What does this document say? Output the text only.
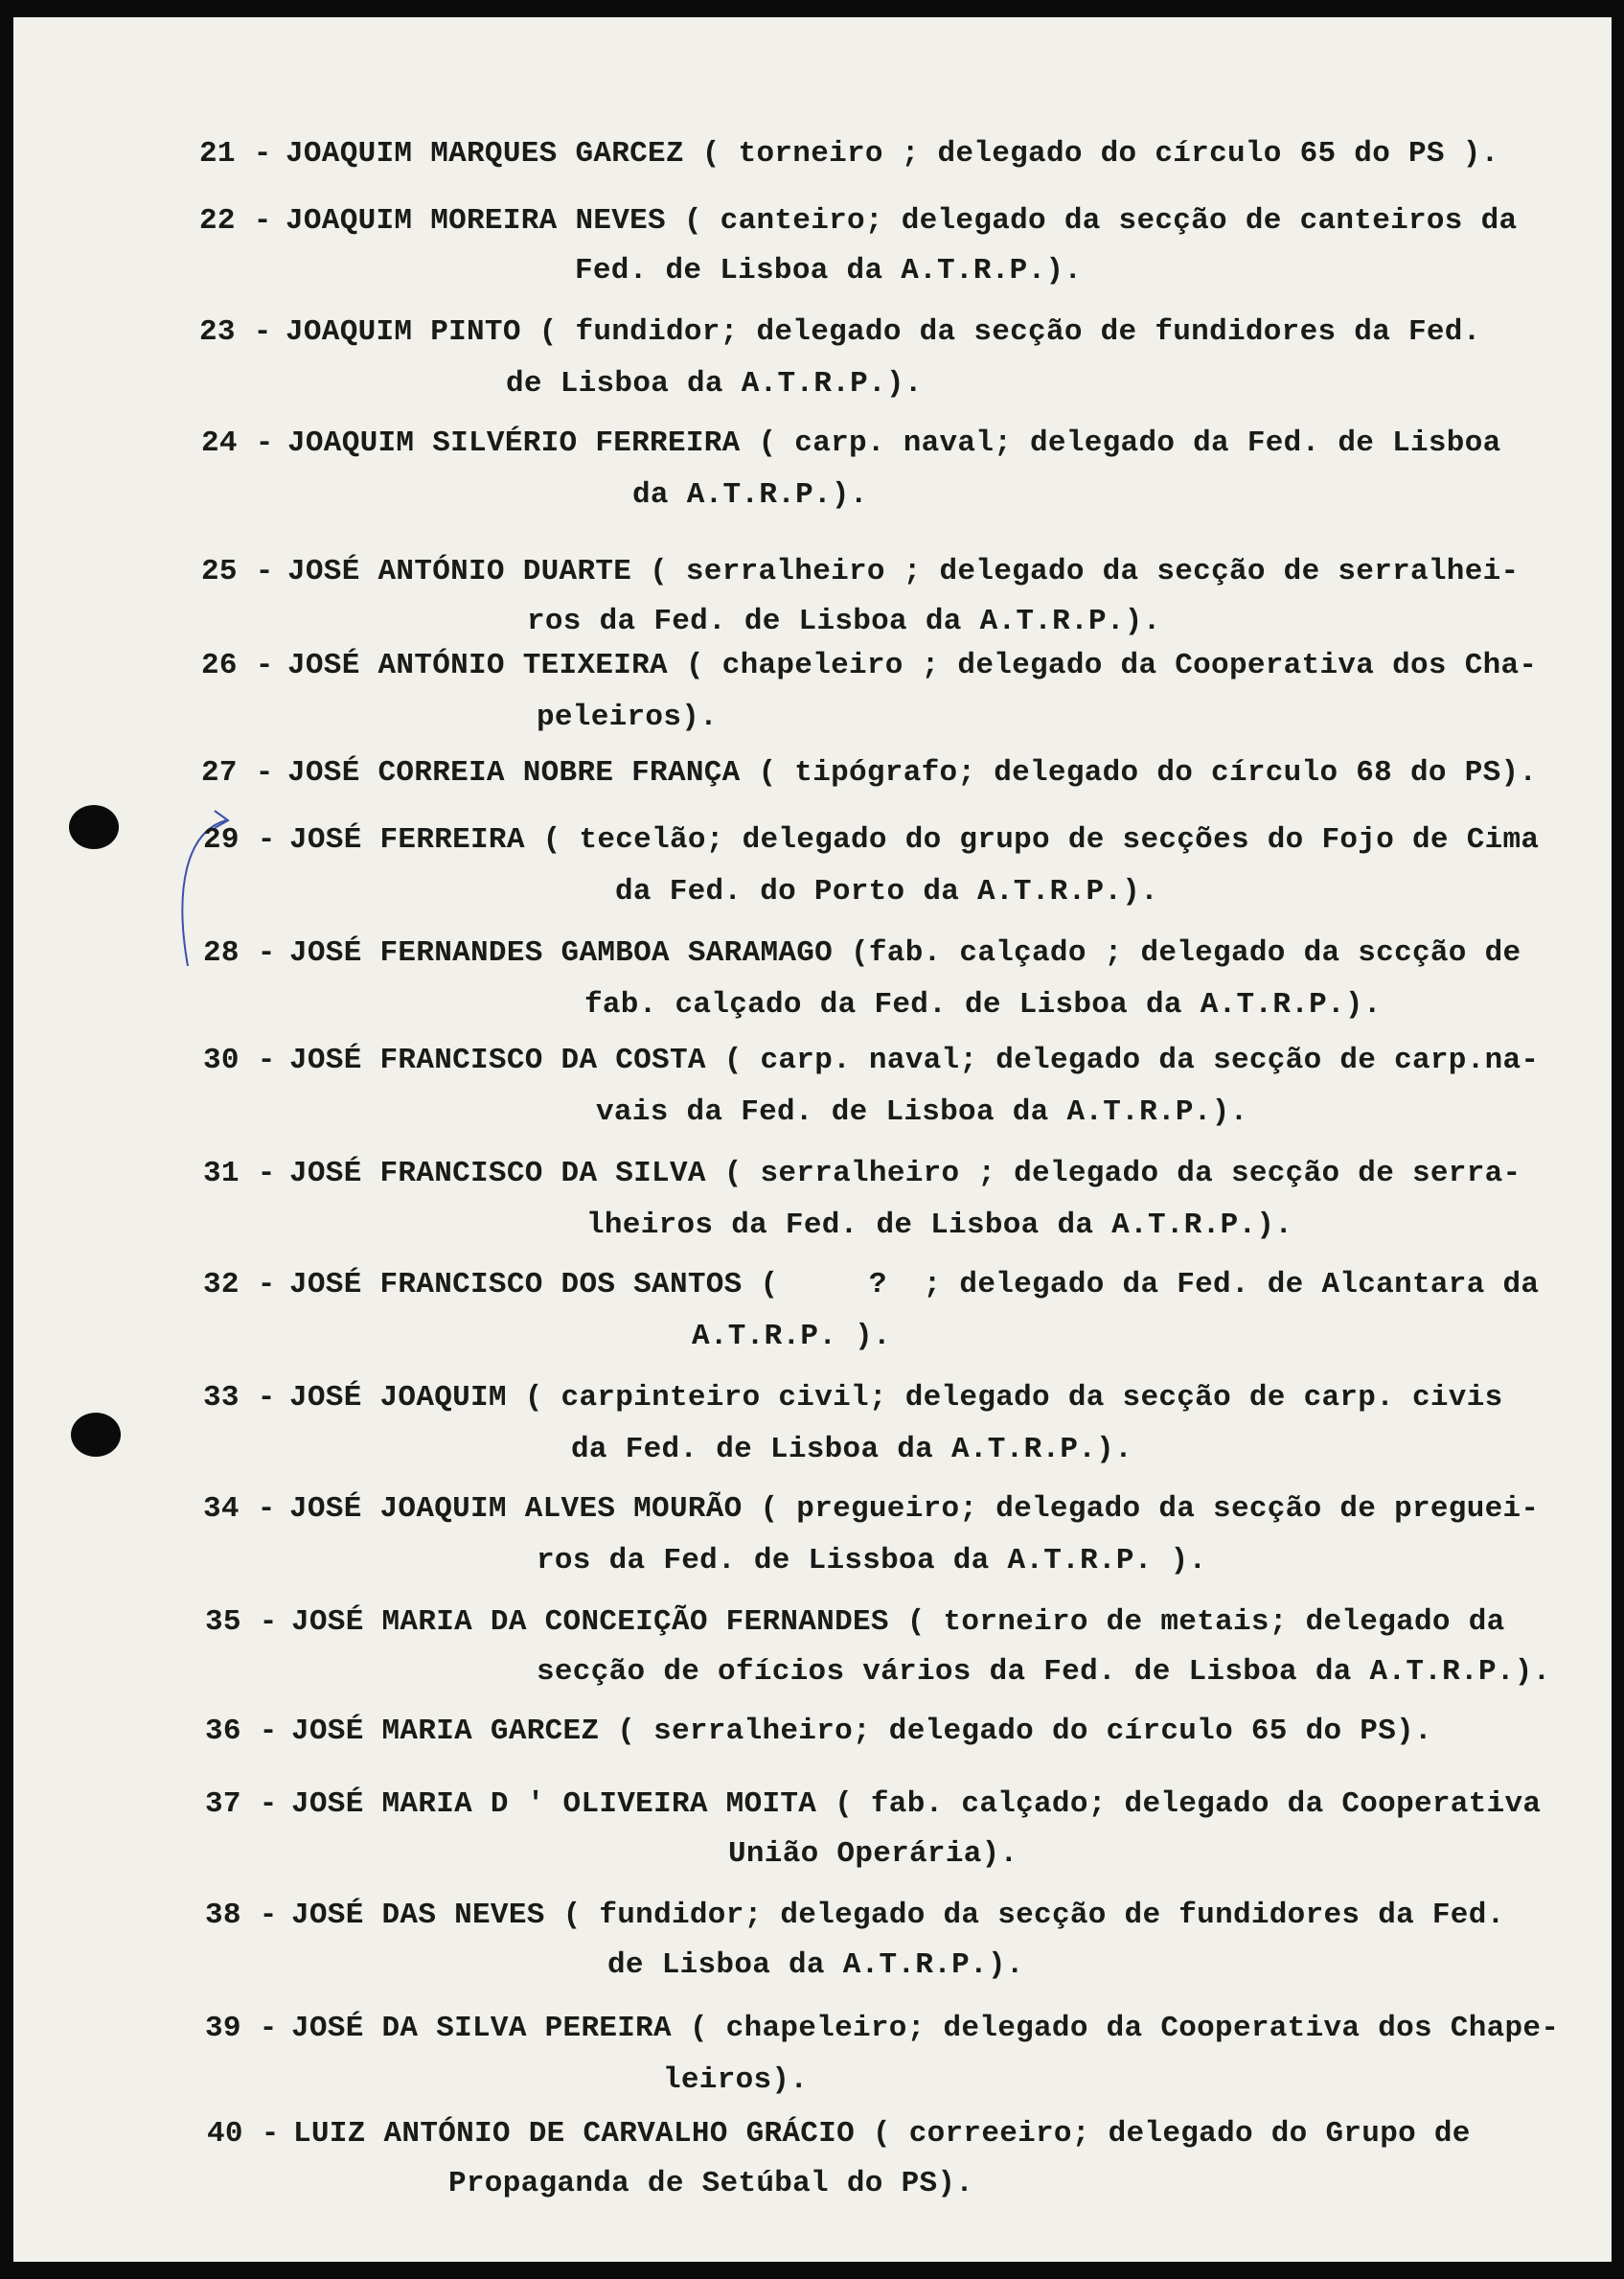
21 - JOAQUIM MARQUES GARCEZ ( torneiro ; delegado do círculo 65 do PS ).
22 - JOAQUIM MOREIRA NEVES ( canteiro; delegado da secção de canteiros da
Fed. de Lisboa da A.T.R.P.).
23 - JOAQUIM PINTO ( fundidor; delegado da secção de fundidores da Fed.
de Lisboa da A.T.R.P.).
24 - JOAQUIM SILVÉRIO FERREIRA ( carp. naval; delegado da Fed. de Lisboa
da A.T.R.P.).
25 - JOSÉ ANTÓNIO DUARTE ( serralheiro ; delegado da secção de serralhei-
ros da Fed. de Lisboa da A.T.R.P.).
26 - JOSÉ ANTÓNIO TEIXEIRA ( chapeleiro ; delegado da Cooperativa dos Cha-
peleiros).
27 - JOSÉ CORREIA NOBRE FRANÇA ( tipógrafo; delegado do círculo 68 do PS).
29 - JOSÉ FERREIRA ( tecelão; delegado do grupo de secções do Fojo de Cima
da Fed. do Porto da A.T.R.P.).
28 - JOSÉ FERNANDES GAMBOA SARAMAGO (fab. calçado ; delegado da sccção de
fab. calçado da Fed. de Lisboa da A.T.R.P.).
30 - JOSÉ FRANCISCO DA COSTA ( carp. naval; delegado da secção de carp.na-
vais da Fed. de Lisboa da A.T.R.P.).
31 - JOSÉ FRANCISCO DA SILVA ( serralheiro ; delegado da secção de serra-
lheiros da Fed. de Lisboa da A.T.R.P.).
32 - JOSÉ FRANCISCO DOS SANTOS (     ?  ; delegado da Fed. de Alcantara da
A.T.R.P. ).
33 - JOSÉ JOAQUIM ( carpinteiro civil; delegado da secção de carp. civis
da Fed. de Lisboa da A.T.R.P.).
34 - JOSÉ JOAQUIM ALVES MOURÃO ( pregueiro; delegado da secção de preguei-
ros da Fed. de Lissboa da A.T.R.P. ).
35 - JOSÉ MARIA DA CONCEIÇÃO FERNANDES ( torneiro de metais; delegado da
secção de ofícios vários da Fed. de Lisboa da A.T.R.P.).
36 - JOSÉ MARIA GARCEZ ( serralheiro; delegado do círculo 65 do PS).
37 - JOSÉ MARIA D ' OLIVEIRA MOITA ( fab. calçado; delegado da Cooperativa
União Operária).
38 - JOSÉ DAS NEVES ( fundidor; delegado da secção de fundidores da Fed.
de Lisboa da A.T.R.P.).
39 - JOSÉ DA SILVA PEREIRA ( chapeleiro; delegado da Cooperativa dos Chape-
leiros).
40 - LUIZ ANTÓNIO DE CARVALHO GRÁCIO ( correeiro; delegado do Grupo de
Propaganda de Setúbal do PS).
